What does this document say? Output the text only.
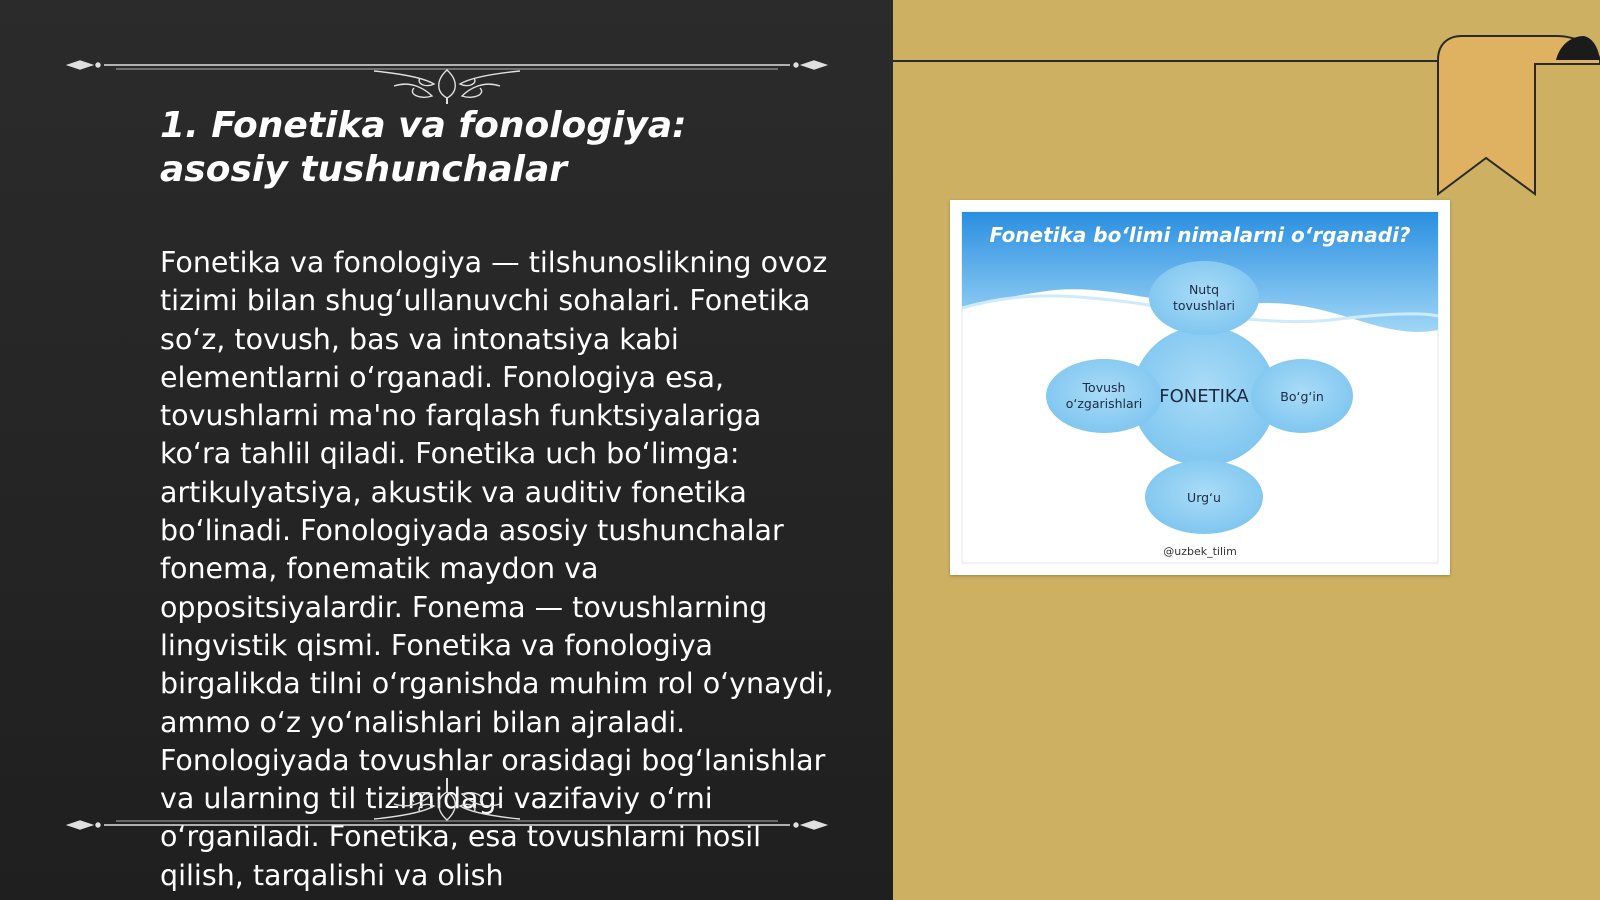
1. Fonetika va fonologiya: asosiy tushunchalar

Fonetika va fonologiya — tilshunoslikning ovoz tizimi bilan shug‘ullanuvchi sohalari. Fonetika so‘z, tovush, bas va intonatsiya kabi elementlarni o‘rganadi. Fonologiya esa, tovushlarni ma'no farqlash funktsiyalariga ko‘ra tahlil qiladi. Fonetika uch bo‘limga: artikulyatsiya, akustik va auditiv fonetika bo‘linadi. Fonologiyada asosiy tushunchalar fonema, fonematik maydon va oppositsiyalardir. Fonema — tovushlarning lingvistik qismi. Fonetika va fonologiya birgalikda tilni o‘rganishda muhim rol o‘ynaydi, ammo o‘z yo‘nalishlari bilan ajraladi. Fonologiyada tovushlar orasidagi bog‘lanishlar va ularning til tizimidagi vazifaviy o‘rni o‘rganiladi. Fonetika, esa tovushlarni hosil qilish, tarqalishi va olish

Fonetika bo‘limi nimalarni o‘rganadi?
FONETIKA
Nutq
tovushlari
Tovush
o‘zgarishlari	Bo‘g‘in
Urg‘u
@uzbek_tilim
